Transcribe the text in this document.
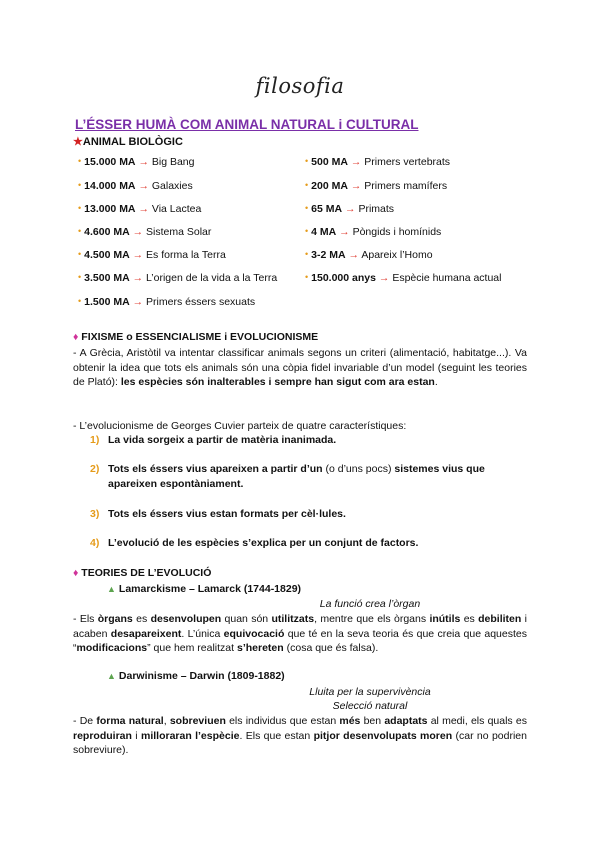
filosofia
L’ÉSSER HUMÀ COM ANIMAL NATURAL i CULTURAL
★ANIMAL BIOLÒGIC
• 15.000 MA → Big Bang
• 14.000 MA → Galaxies
• 13.000 MA → Via Lactea
• 4.600 MA → Sistema Solar
• 4.500 MA → Es forma la Terra
• 3.500 MA → L’origen de la vida a la Terra
• 1.500 MA → Primers éssers sexuats
• 500 MA → Primers vertebrats
• 200 MA → Primers mamífers
• 65 MA → Primats
• 4 MA → Pòngids i homínids
• 3-2 MA → Apareix l’Homo
• 150.000 anys → Espècie humana actual
♦ FIXISME o ESSENCIALISME i EVOLUCIONISME
- A Grècia, Aristòtil va intentar classificar animals segons un criteri (alimentació, habitatge...). Va obtenir la idea que tots els animals són una còpia fidel invariable d’un model (seguint les teories de Plató): les espècies són inalterables i sempre han sigut com ara estan.
- L’evolucionisme de Georges Cuvier parteix de quatre característiques:
1) La vida sorgeix a partir de matèria inanimada.
2) Tots els éssers vius apareixen a partir d’un (o d’uns pocs) sistemes vius que apareixen espontàniament.
3) Tots els éssers vius estan formats per cèl·lules.
4) L’evolució de les espècies s’explica per un conjunt de factors.
♦ TEORIES DE L’EVOLUCIÓ
▲ Lamarckisme – Lamarck (1744-1829)
La funció crea l’òrgan
- Els òrgans es desenvolupen quan són utilitzats, mentre que els òrgans inútils es debiliten i acaben desapareixent. L’única equivocació que té en la seva teoria és que creia que aquestes “modificacions” que hem realitzat s’hereten (cosa que és falsa).
▲ Darwinisme – Darwin (1809-1882)
Lluita per la supervivència
Selecció natural
- De forma natural, sobreviuen els individus que estan més ben adaptats al medi, els quals es reproduiran i milloraran l’espècie. Els que estan pitjor desenvolupats moren (car no podrien sobreviure).
